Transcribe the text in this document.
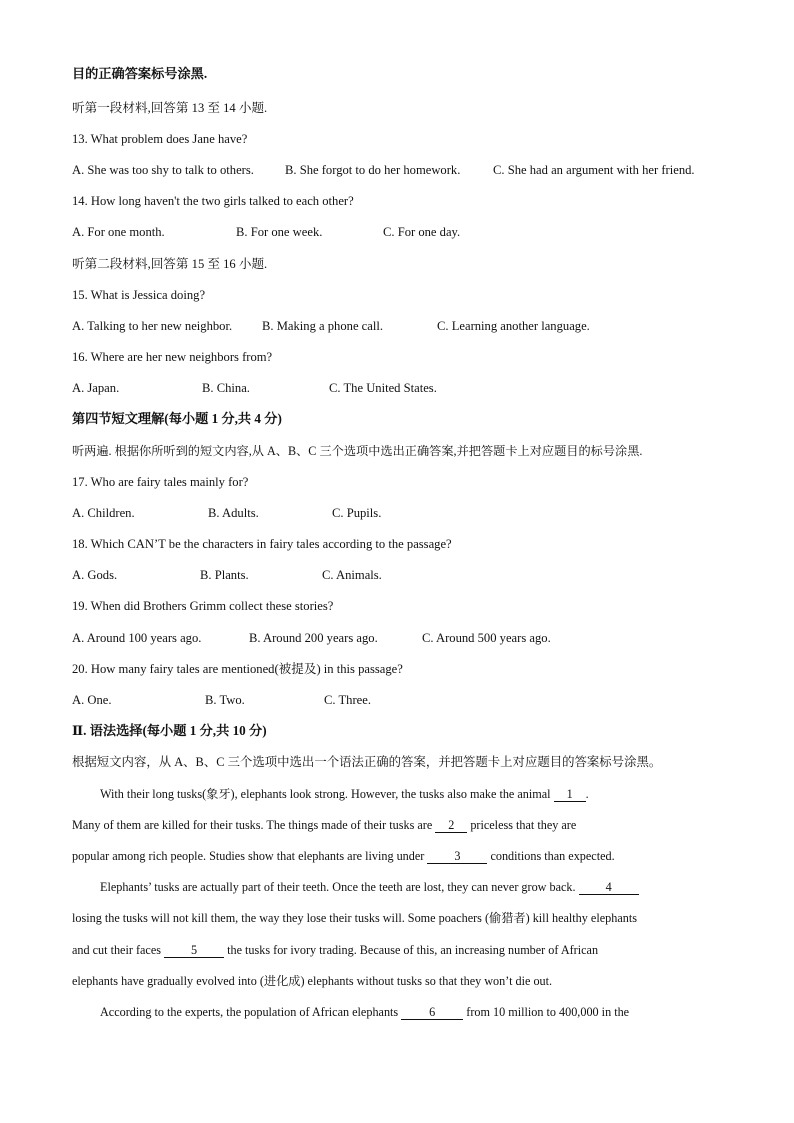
目的正确答案标号涂黑.
听第一段材料,回答第 13 至 14 小题.
13. What problem does Jane have?
A. She was too shy to talk to others. B. She forgot to do her homework.	C. She had an argument with her friend.
14. How long haven't the two girls talked to each other?
A. For one month.	B. For one week.	C. For one day.
听第二段材料,回答第 15 至 16 小题.
15. What is Jessica doing?
A. Talking to her new neighbor. B. Making a phone call.	C. Learning another language.
16. Where are her new neighbors from?
A. Japan.	B. China.	C. The United States.
第四节短文理解(每小题 1 分,共 4 分)
听两遍. 根据你所听到的短文内容,从 A、B、C 三个选项中选出正确答案,并把答题卡上对应题目的标号涂黑.
17. Who are fairy tales mainly for?
A. Children.	B. Adults.	C. Pupils.
18. Which CAN’T be the characters in fairy tales according to the passage?
A. Gods.	B. Plants.	C. Animals.
19. When did Brothers Grimm collect these stories?
A. Around 100 years ago.	B. Around 200 years ago.	C. Around 500 years ago.
20. How many fairy tales are mentioned(被提及) in this passage?
A. One.	B. Two.	C. Three.
Ⅱ. 语法选择(每小题 1 分,共 10 分)
根据短文内容，从 A、B、C 三个选项中选出一个语法正确的答案，并把答题卡上对应题目的答案标号涂黑。
With their long tusks(象牙), elephants look strong. However, the tusks also make the animal 1 .
Many of them are killed for their tusks. The things made of their tusks are 2 priceless that they are
popular among rich people. Studies show that elephants are living under 3 conditions than expected.
Elephants’ tusks are actually part of their teeth. Once the teeth are lost, they can never grow back. 4
losing the tusks will not kill them, the way they lose their tusks will. Some poachers (偷猎者) kill healthy elephants
and cut their faces 5 the tusks for ivory trading. Because of this, an increasing number of African
elephants have gradually evolved into (进化成) elephants without tusks so that they won’t die out.
According to the experts, the population of African elephants 6 from 10 million to 400,000 in the
